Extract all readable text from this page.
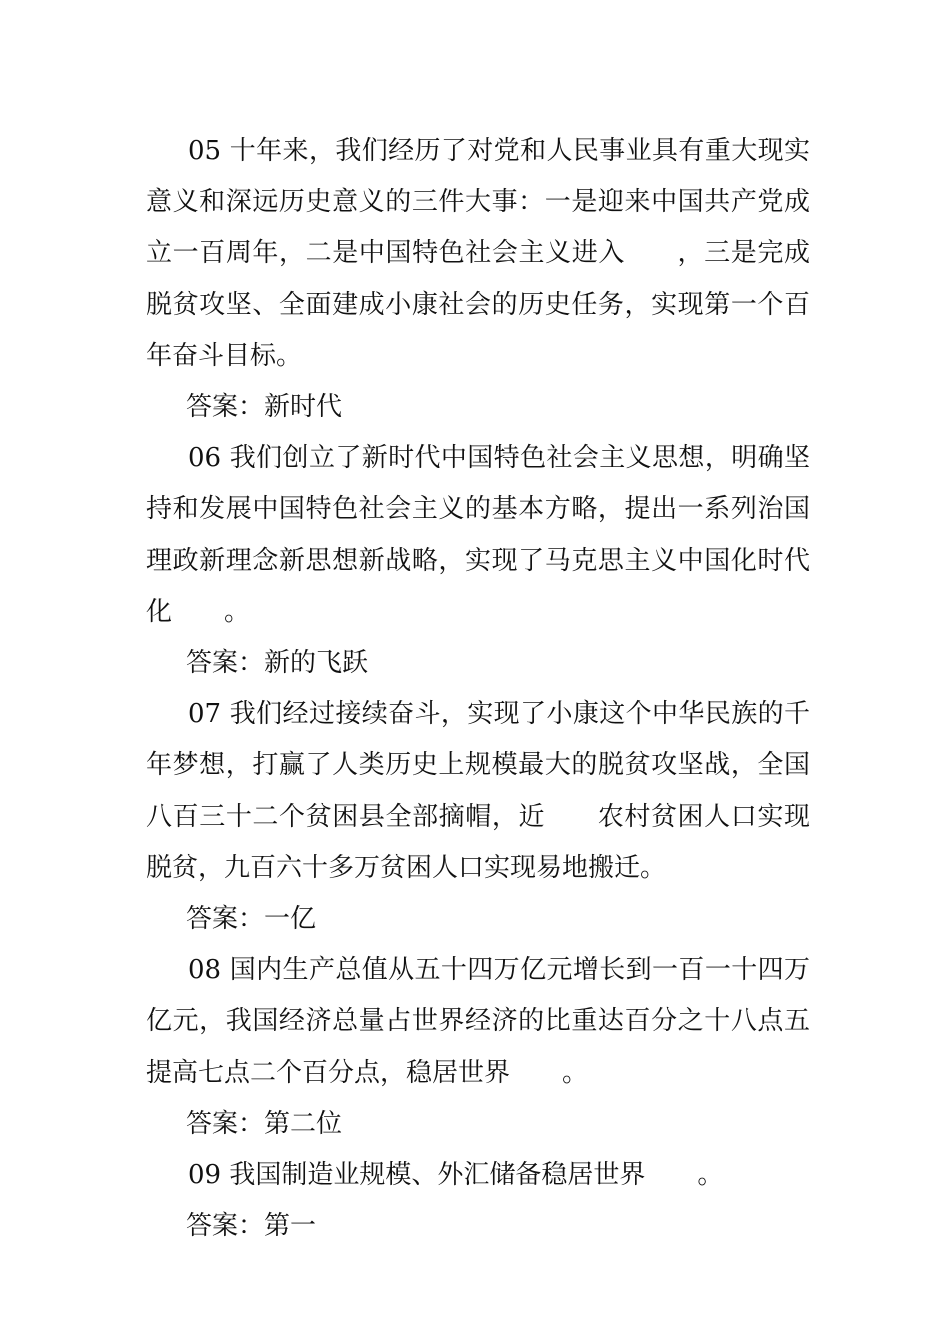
05 十年来，我们经历了对党和人民事业具有重大现实意义和深远历史意义的三件大事：一是迎来中国共产党成立一百周年，二是中国特色社会主义进入 ，三是完成脱贫攻坚、全面建成小康社会的历史任务，实现第一个百年奋斗目标。

答案：新时代

06 我们创立了新时代中国特色社会主义思想，明确坚持和发展中国特色社会主义的基本方略，提出一系列治国理政新理念新思想新战略，实现了马克思主义中国化时代化 。

答案：新的飞跃

07 我们经过接续奋斗，实现了小康这个中华民族的千年梦想，打赢了人类历史上规模最大的脱贫攻坚战，全国八百三十二个贫困县全部摘帽，近 农村贫困人口实现脱贫，九百六十多万贫困人口实现易地搬迁。

答案：一亿

08 国内生产总值从五十四万亿元增长到一百一十四万亿元，我国经济总量占世界经济的比重达百分之十八点五提高七点二个百分点，稳居世界 。

答案：第二位

09 我国制造业规模、外汇储备稳居世界 。

答案：第一
